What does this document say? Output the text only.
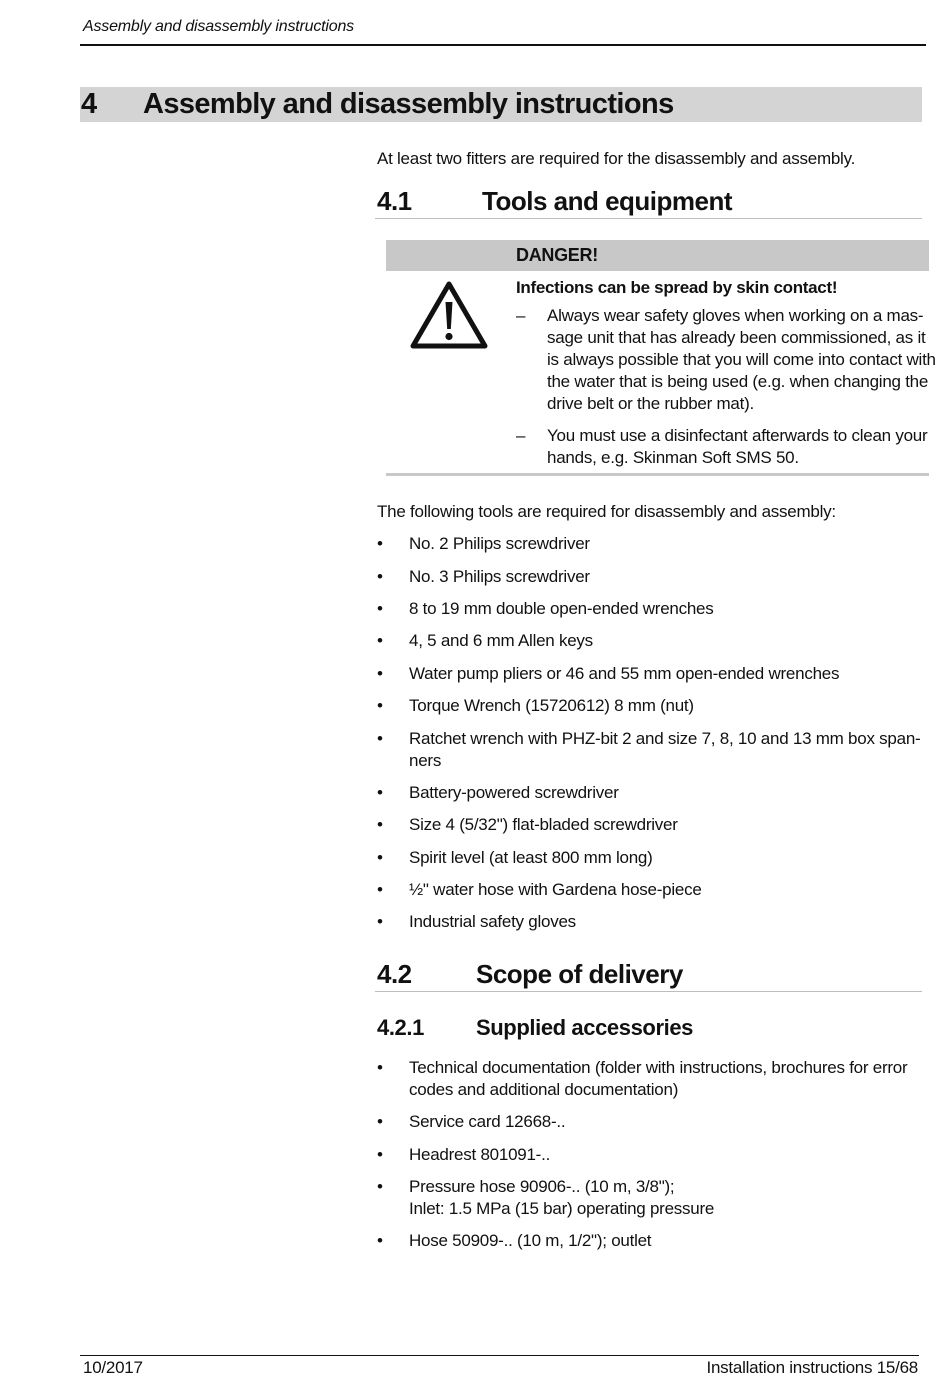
Assembly and disassembly instructions
4 Assembly and disassembly instructions
At least two fitters are required for the disassembly and assembly.
4.1	Tools and equipment
DANGER!
Infections can be spread by skin contact!
– Always wear safety gloves when working on a mas-
sage unit that has already been commissioned, as it
is always possible that you will come into contact with
the water that is being used (e.g. when changing the
drive belt or the rubber mat).
– You must use a disinfectant afterwards to clean your
hands, e.g. Skinman Soft SMS 50.
The following tools are required for disassembly and assembly:
• No. 2 Philips screwdriver
• No. 3 Philips screwdriver
• 8 to 19 mm double open-ended wrenches
• 4, 5 and 6 mm Allen keys
• Water pump pliers or 46 and 55 mm open-ended wrenches
• Torque Wrench (15720612) 8 mm (nut)
• Ratchet wrench with PHZ-bit 2 and size 7, 8, 10 and 13 mm box span-
ners
• Battery-powered screwdriver
• Size 4 (5/32") flat-bladed screwdriver
• Spirit level (at least 800 mm long)
• ½" water hose with Gardena hose-piece
• Industrial safety gloves
4.2 Scope of delivery
4.2.1 Supplied accessories
• Technical documentation (folder with instructions, brochures for error
codes and additional documentation)
• Service card 12668-..
• Headrest 801091-..
• Pressure hose 90906-.. (10 m, 3/8");
Inlet: 1.5 MPa (15 bar) operating pressure
• Hose 50909-.. (10 m, 1/2"); outlet
10/2017	Installation instructions 15/68
